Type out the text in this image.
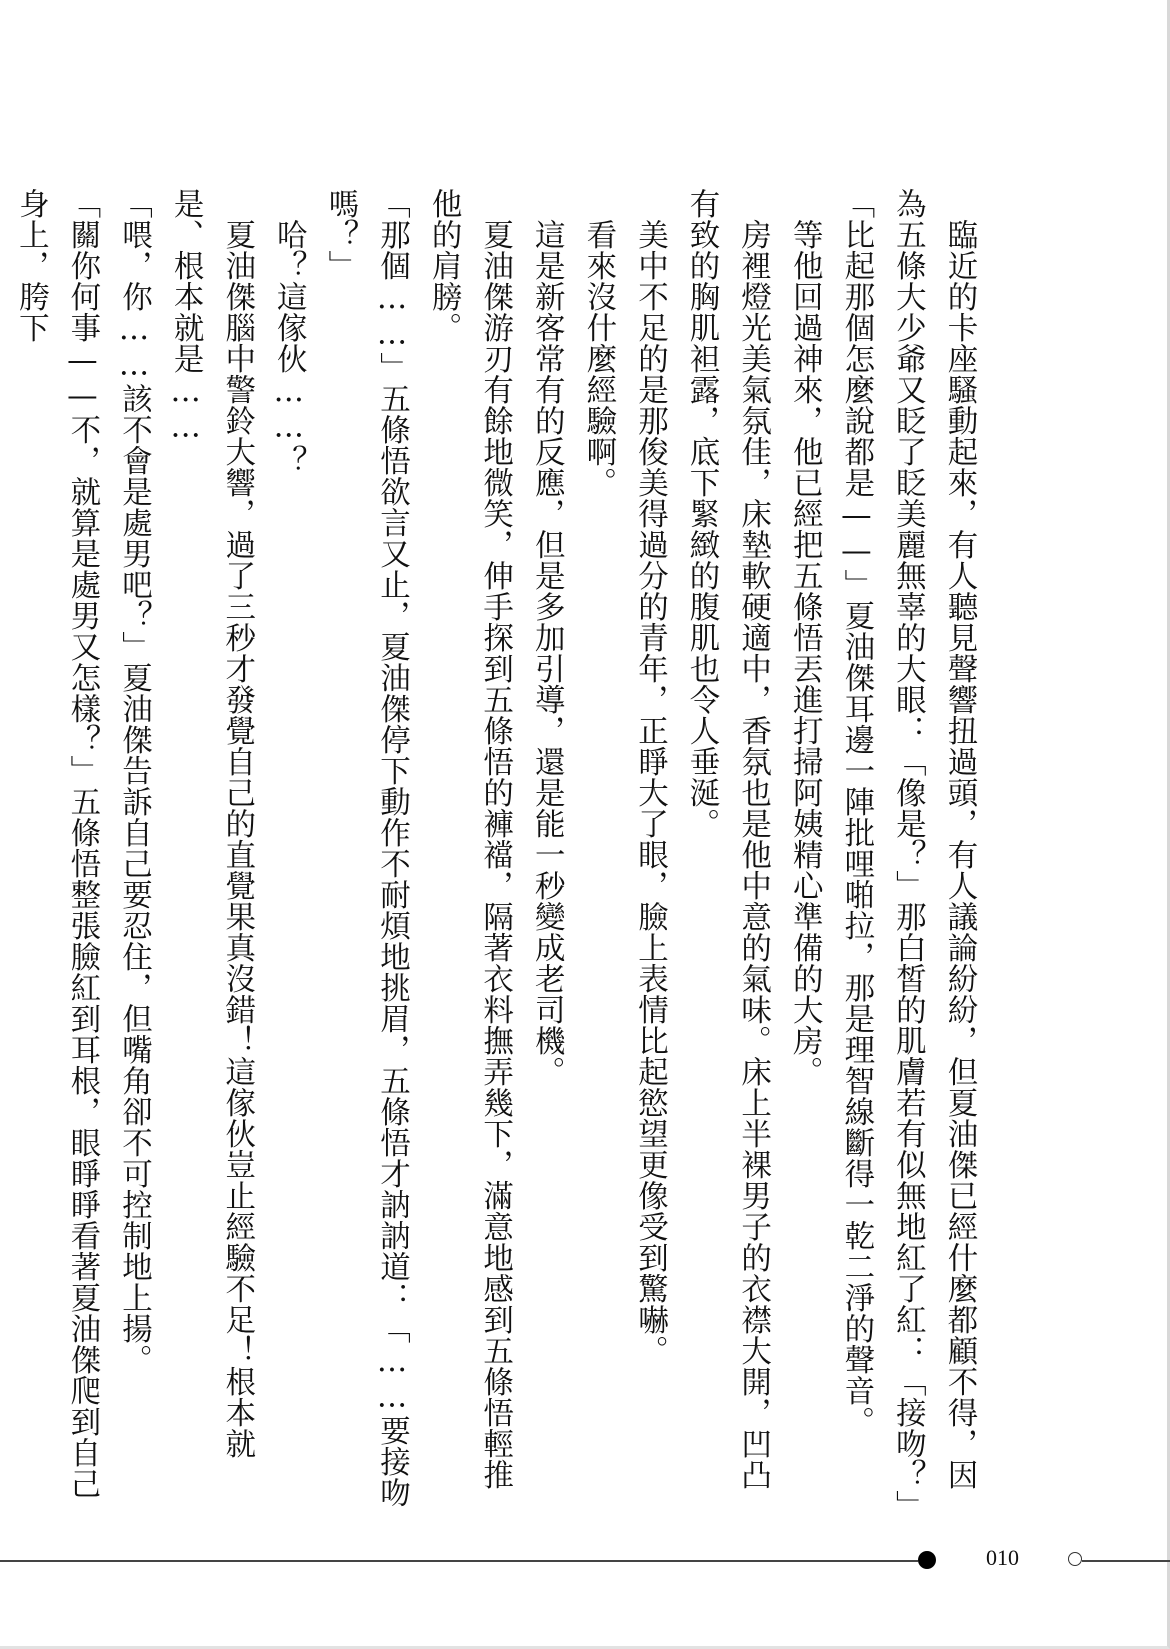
臨近的卡座騷動起來，有人聽見聲響扭過頭，有人議論紛紛，但夏油傑已經什麼都顧不得，因為五條大少爺又眨了眨美麗無辜的大眼：「像是？」那白皙的肌膚若有似無地紅了紅：「接吻？」

「比起那個怎麼說都是——」夏油傑耳邊一陣批哩啪拉，那是理智線斷得一乾二淨的聲音。

等他回過神來，他已經把五條悟丟進打掃阿姨精心準備的大房。

房裡燈光美氣氛佳，床墊軟硬適中，香氛也是他中意的氣味。床上半裸男子的衣襟大開，凹凸有致的胸肌袒露，底下緊緻的腹肌也令人垂涎。

美中不足的是那俊美得過分的青年，正睜大了眼，臉上表情比起慾望更像受到驚嚇。

看來沒什麼經驗啊。

這是新客常有的反應，但是多加引導，還是能一秒變成老司機。

夏油傑游刃有餘地微笑，伸手探到五條悟的褲襠，隔著衣料撫弄幾下，滿意地感到五條悟輕推他的肩膀。

「那個……」五條悟欲言又止，夏油傑停下動作不耐煩地挑眉，五條悟才訥訥道：「……要接吻嗎？」

哈？這傢伙……？

夏油傑腦中警鈴大響，過了三秒才發覺自己的直覺果真沒錯！這傢伙豈止經驗不足！根本就是、根本就是……

「喂，你……該不會是處男吧？」夏油傑告訴自己要忍住，但嘴角卻不可控制地上揚。

「關你何事——不，就算是處男又怎樣？」五條悟整張臉紅到耳根，眼睜睜看著夏油傑爬到自己身上，胯下

010
